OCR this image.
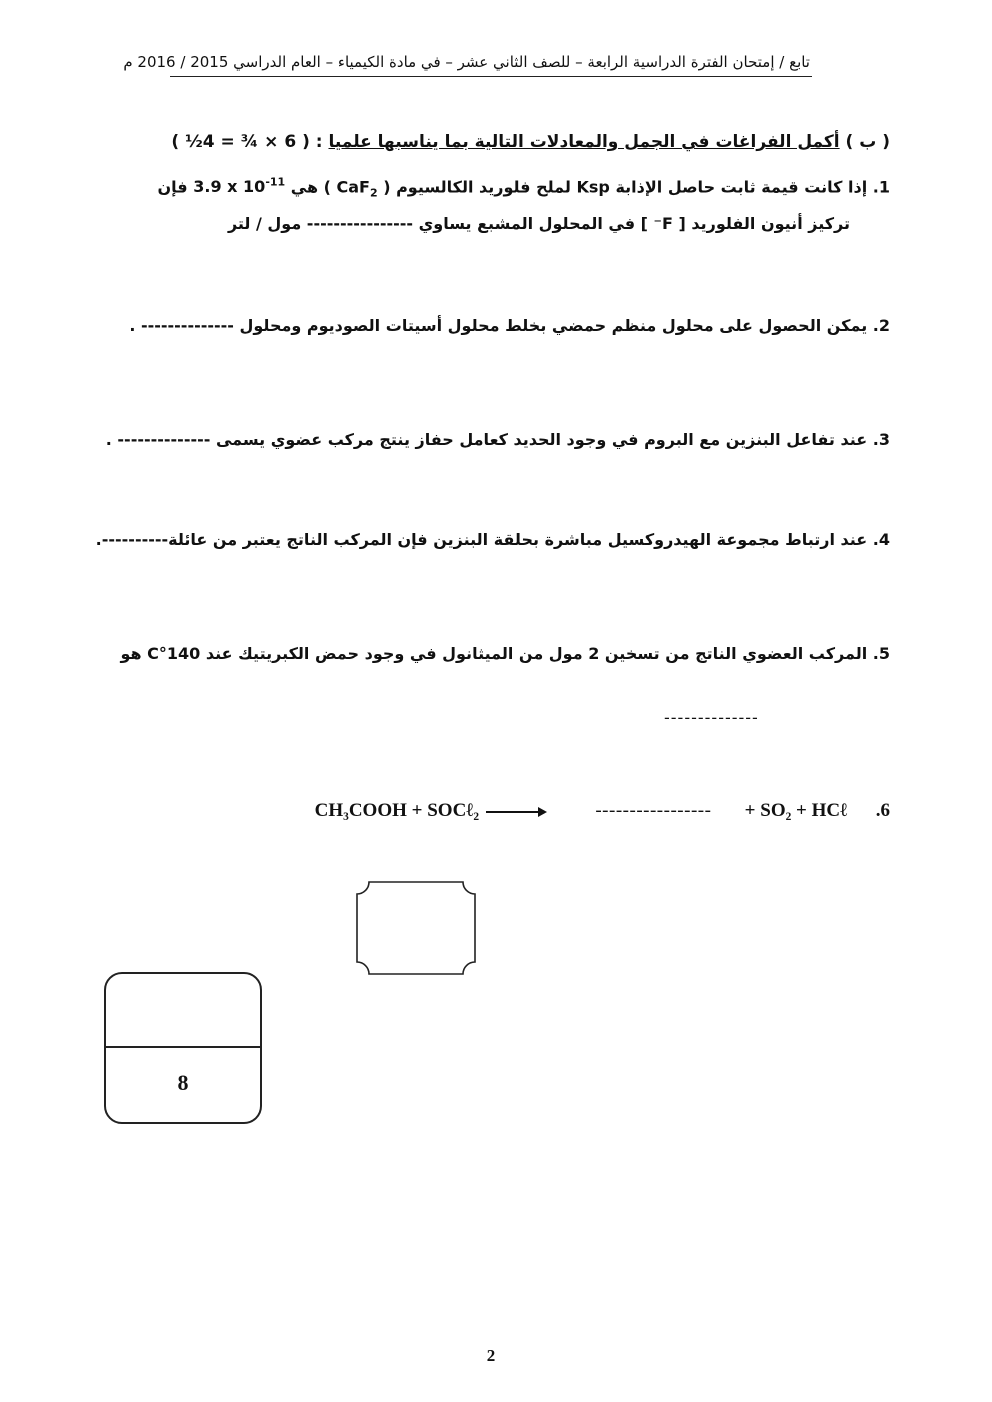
تابع / إمتحان الفترة الدراسية الرابعة – للصف الثاني عشر – في مادة الكيمياء – العام الدراسي 2015 / 2016 م
( ب ) أكمل الفراغات في الجمل والمعادلات التالية بما يناسبها علميا : ( 6 × ¾ = 4½ )
1. إذا كانت قيمة ثابت حاصل الإذابة Ksp لملح فلوريد الكالسيوم ( CaF$_2$ ) هي 3.9 x $10^{-11}$ فإن
تركيز أنيون الفلوريد [ F⁻ ] في المحلول المشبع يساوي ---------------- مول / لتر
2. يمكن الحصول على محلول منظم حمضي بخلط محلول أسيتات الصوديوم ومحلول -------------- .
3. عند تفاعل البنزين مع البروم في وجود الحديد كعامل حفاز ينتج مركب عضوي يسمى -------------- .
4. عند ارتباط مجموعة الهيدروكسيل مباشرة بحلقة البنزين فإن المركب الناتج يعتبر من عائلة----------.
5. المركب العضوي الناتج من تسخين 2 مول من الميثانول في وجود حمض الكبريتيك عند 140°C هو
--------------
CH₃COOH + SOCℓ₂ →	----------------- + SO₂ + HCℓ .6
8
2
